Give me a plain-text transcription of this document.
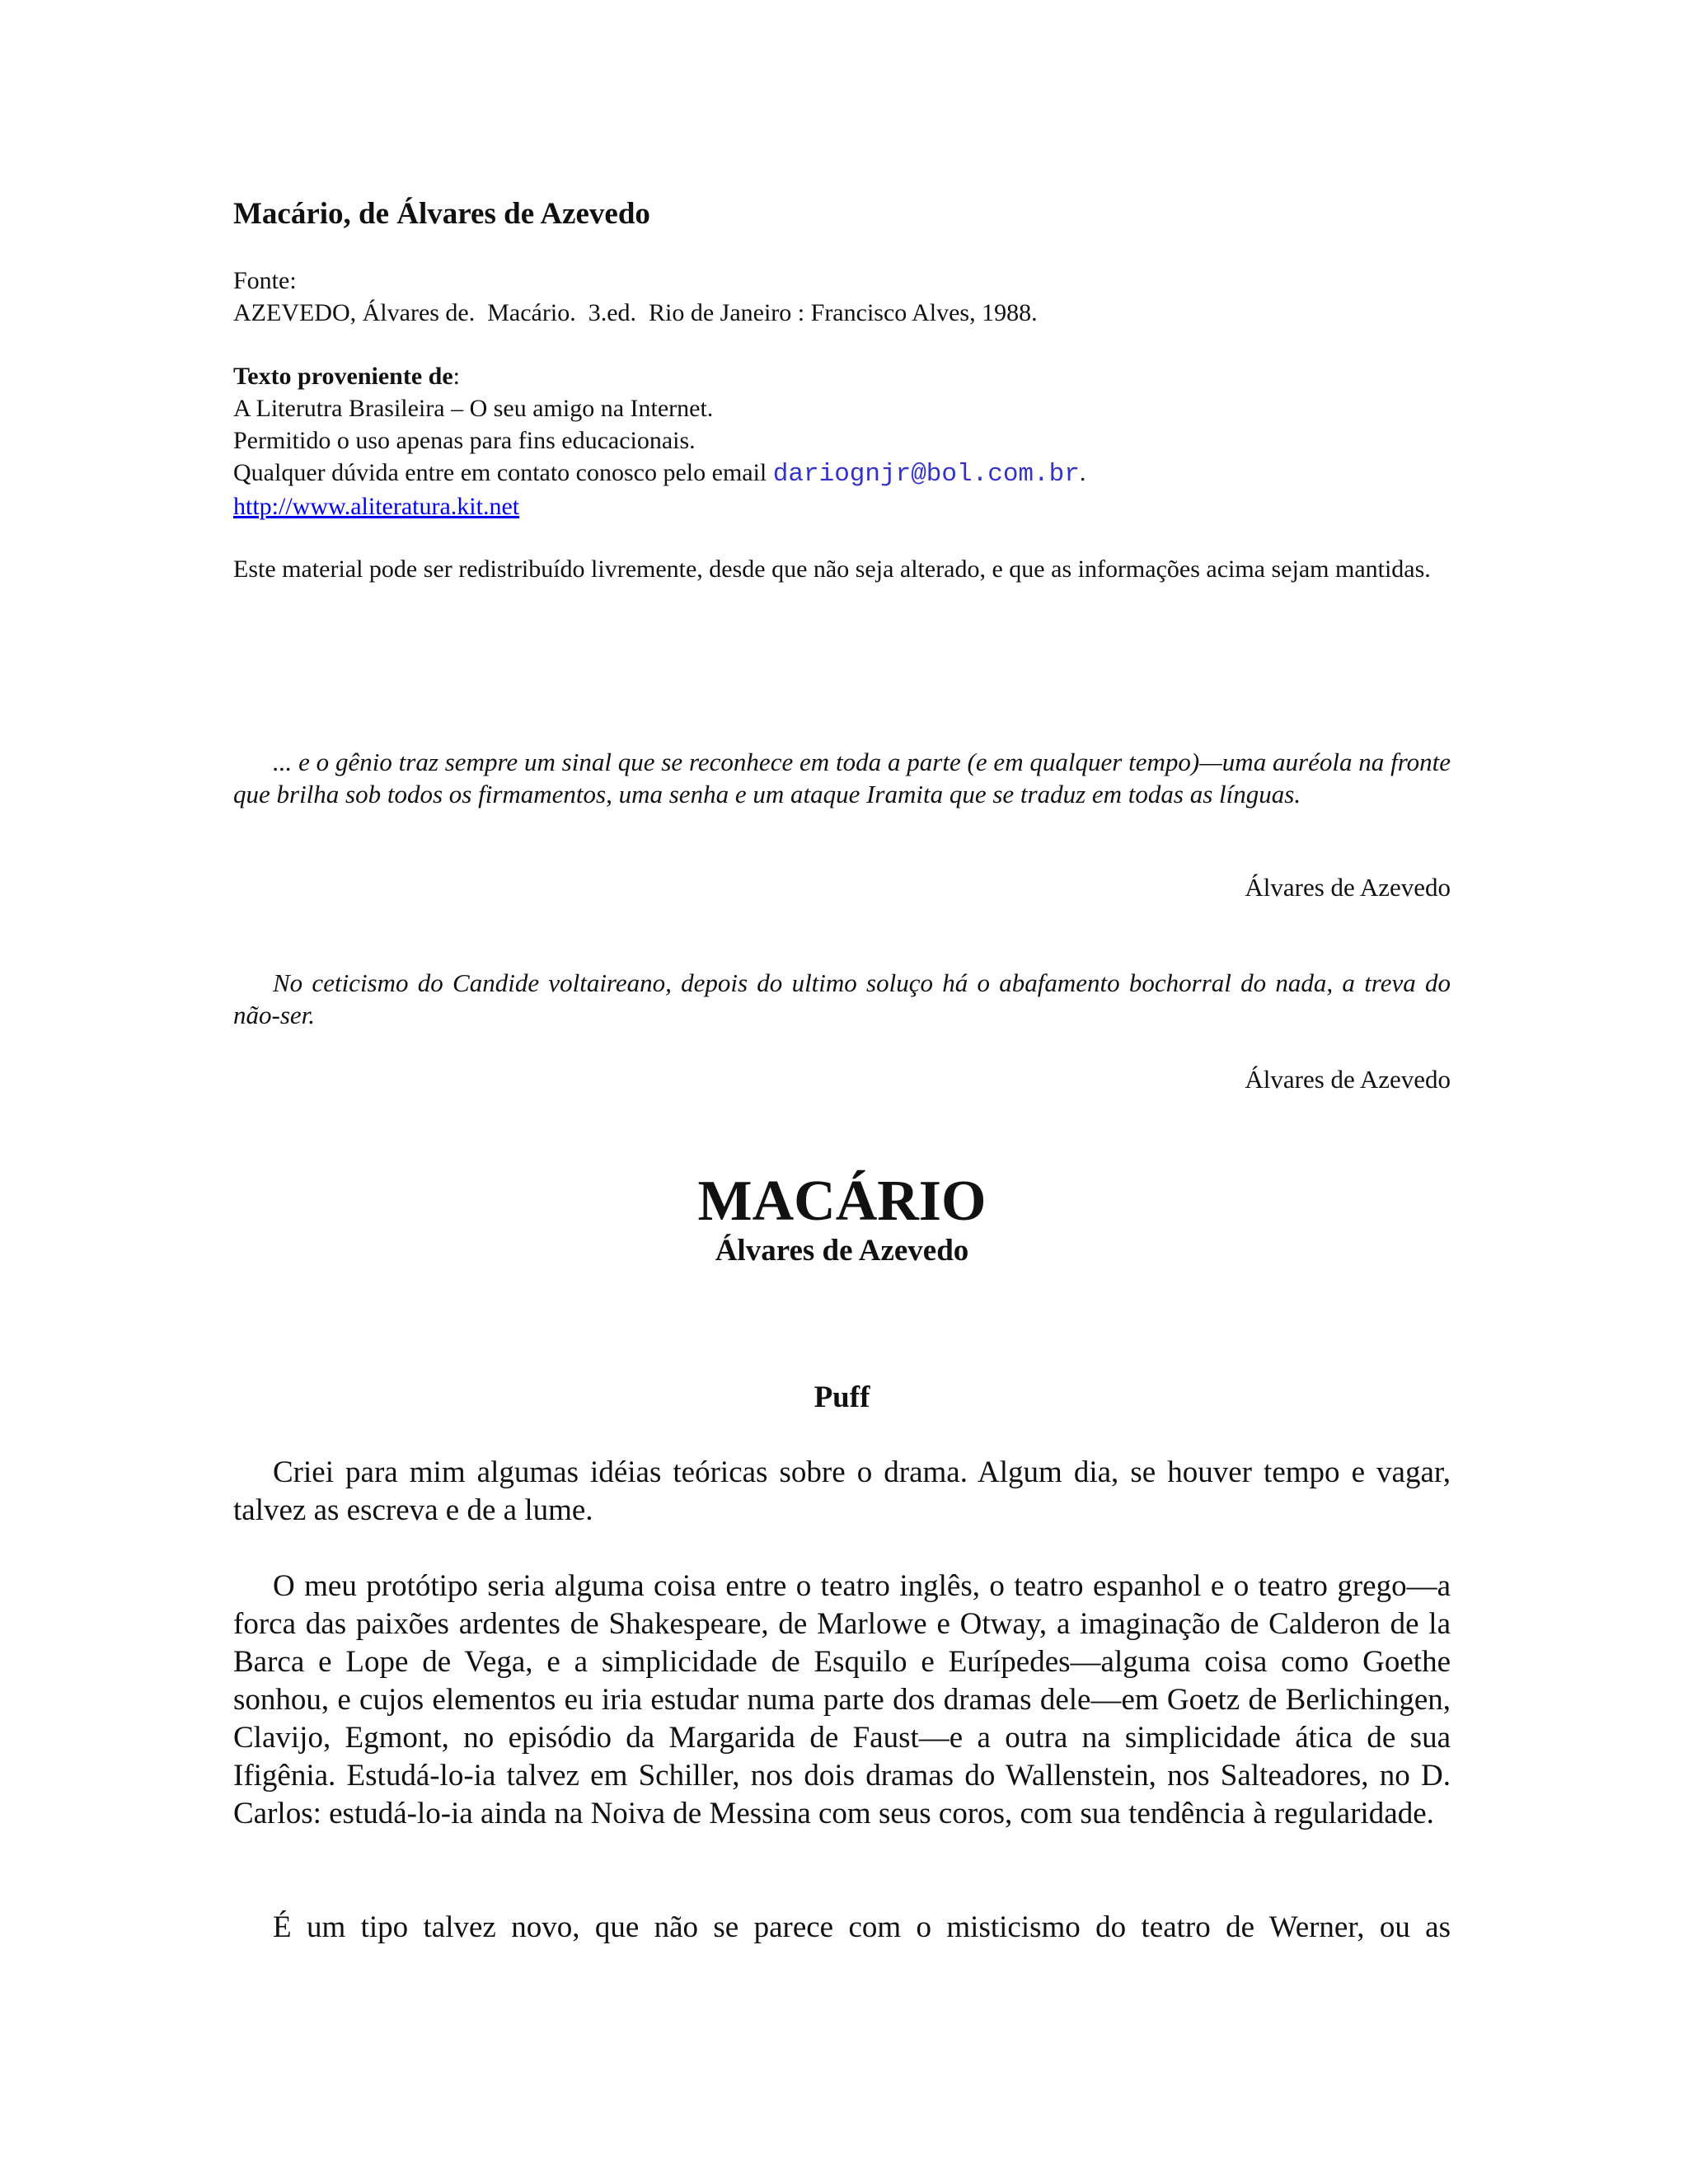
Macário, de Álvares de Azevedo

Fonte:

AZEVEDO, Álvares de.  Macário.  3.ed.  Rio de Janeiro : Francisco Alves, 1988.

Texto proveniente de:

A Literutra Brasileira – O seu amigo na Internet.

Permitido o uso apenas para fins educacionais.

Qualquer dúvida entre em contato conosco pelo email dariognjr@bol.com.br.

http://www.aliteratura.kit.net

Este material pode ser redistribuído livremente, desde que não seja alterado, e que as informações acima sejam mantidas.

... e o gênio traz sempre um sinal que se reconhece em toda a parte (e em qualquer tempo)—uma auréola na fronte que brilha sob todos os firmamentos, uma senha e um ataque Iramita que se traduz em todas as línguas.

Álvares de Azevedo

No ceticismo do Candide voltaireano, depois do ultimo soluço há o abafamento bochorral do nada, a treva do não-ser.

Álvares de Azevedo

MACÁRIO
Álvares de Azevedo
Puff

Criei para mim algumas idéias teóricas sobre o drama. Algum dia, se houver tempo e vagar, talvez as escreva e de a lume.

O meu protótipo seria alguma coisa entre o teatro inglês, o teatro espanhol e o teatro grego—a forca das paixões ardentes de Shakespeare, de Marlowe e Otway, a imaginação de Calderon de la Barca e Lope de Vega, e a simplicidade de Esquilo e Eurípedes—alguma coisa como Goethe sonhou, e cujos elementos eu iria estudar numa parte dos dramas dele—em Goetz de Berlichingen, Clavijo, Egmont, no episódio da Margarida de Faust—e a outra na simplicidade ática de sua Ifigênia. Estudá-lo-ia talvez em Schiller, nos dois dramas do Wallenstein, nos Salteadores, no D. Carlos: estudá-lo-ia ainda na Noiva de Messina com seus coros, com sua tendência à regularidade.

É um tipo talvez novo, que não se parece com o misticismo do teatro de Werner, ou as
